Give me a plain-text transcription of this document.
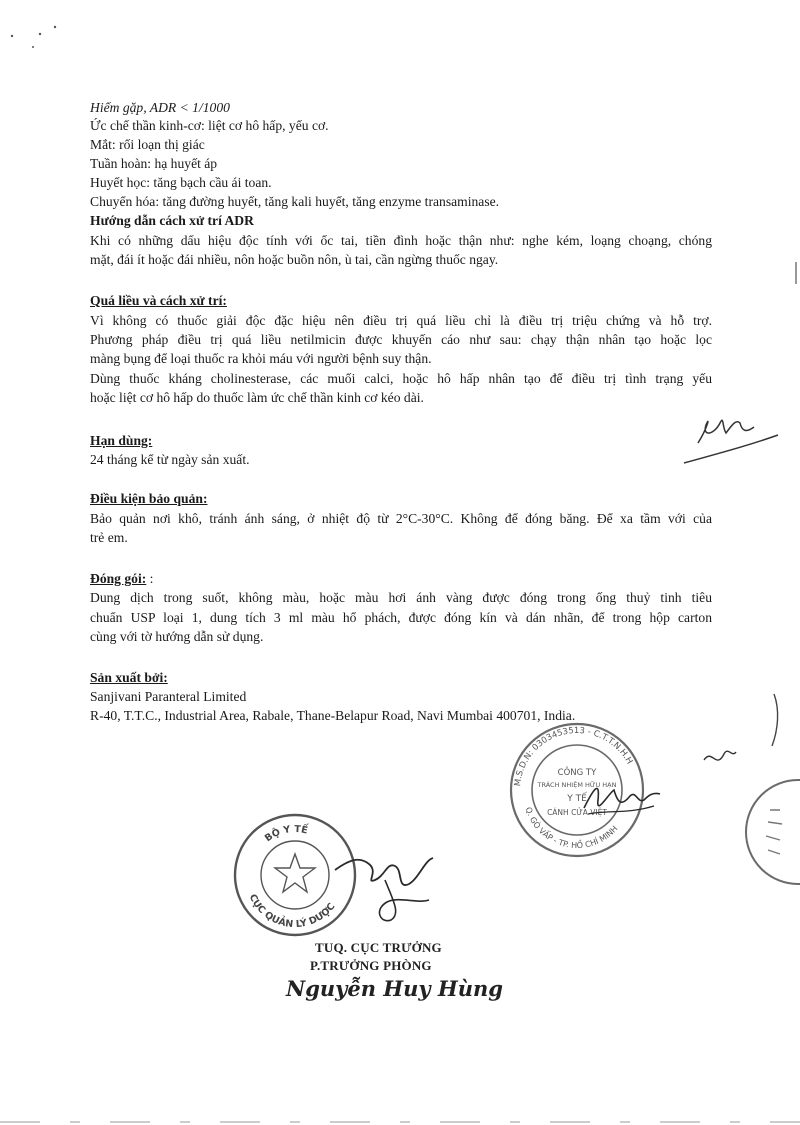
Hiếm gặp, ADR < 1/1000
Ức chế thần kinh-cơ: liệt cơ hô hấp, yếu cơ.
Mắt: rối loạn thị giác
Tuần hoàn: hạ huyết áp
Huyết học: tăng bạch cầu ái toan.
Chuyển hóa: tăng đường huyết, tăng kali huyết, tăng enzyme transaminase.
Hướng dẫn cách xử trí ADR
Khi có những dấu hiệu độc tính với ốc tai, tiền đình hoặc thận như: nghe kém, loạng choạng, chóng
mặt, đái ít hoặc đái nhiều, nôn hoặc buồn nôn, ù tai, cần ngừng thuốc ngay.
Quá liều và cách xử trí:
Vì không có thuốc giải độc đặc hiệu nên điều trị quá liều chỉ là điều trị triệu chứng và hỗ trợ.
Phương pháp điều trị quá liều netilmicin được khuyến cáo như sau: chạy thận nhân tạo hoặc lọc
màng bụng để loại thuốc ra khỏi máu với người bệnh suy thận.
Dùng thuốc kháng cholinesterase, các muối calci, hoặc hô hấp nhân tạo để điều trị tình trạng yếu
hoặc liệt cơ hô hấp do thuốc làm ức chế thần kinh cơ kéo dài.
Hạn dùng:
24 tháng kể từ ngày sản xuất.
Điều kiện bảo quản:
Bảo quản nơi khô, tránh ánh sáng, ở nhiệt độ từ 2°C-30°C. Không để đóng băng. Để xa tầm với của
trẻ em.
Đóng gói: :
Dung dịch trong suốt, không màu, hoặc màu hơi ánh vàng được đóng trong ống thuỷ tinh tiêu
chuẩn USP loại 1, dung tích 3 ml màu hổ phách, được đóng kín và dán nhãn, để trong hộp carton
cùng với tờ hướng dẫn sử dụng.
Sản xuất bởi:
Sanjivani Paranteral Limited
R-40, T.T.C., Industrial Area, Rabale, Thane-Belapur Road, Navi Mumbai 400701, India.
M.S.D.N: 0303453513 - C.T.T.N.H.H
Q. GÒ VẤP - TP. HỒ CHÍ MINH
CÔNG TY
TRÁCH NHIỆM HỮU HẠN
Y TẾ
CÁNH CỬA VIỆT
BỘ Y TẾ
CỤC QUẢN LÝ DƯỢC
TUQ. CỤC TRƯỞNG
P.TRƯỞNG PHÒNG
Nguyễn Huy Hùng
